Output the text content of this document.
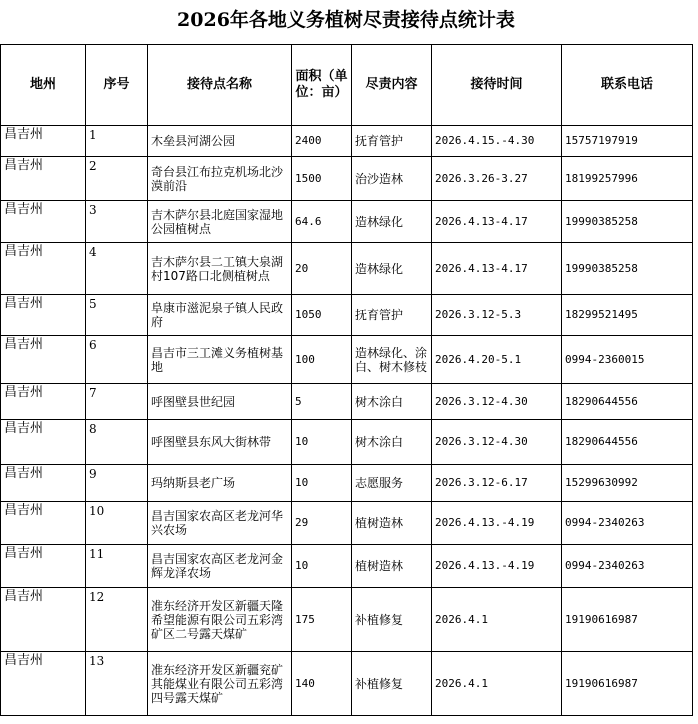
2026年各地义务植树尽责接待点统计表
地州	序号	接待点名称	面积（单位：亩）	尽责内容	接待时间	联系电话
昌吉州	1	木垒县河湖公园	2400	抚育管护	2026.4.15.-4.30	15757197919
昌吉州	2	奇台县江布拉克机场北沙漠前沿	1500	治沙造林	2026.3.26-3.27	18199257996
昌吉州	3	吉木萨尔县北庭国家湿地公园植树点	64.6	造林绿化	2026.4.13-4.17	19990385258
昌吉州	4	吉木萨尔县二工镇大泉湖村107路口北侧植树点	20	造林绿化	2026.4.13-4.17	19990385258
昌吉州	5	阜康市滋泥泉子镇人民政府	1050	抚育管护	2026.3.12-5.3	18299521495
昌吉州	6	昌吉市三工滩义务植树基地	100	造林绿化、涂白、树木修枝	2026.4.20-5.1	0994-2360015
昌吉州	7	呼图壁县世纪园	5	树木涂白	2026.3.12-4.30	18290644556
昌吉州	8	呼图壁县东风大街林带	10	树木涂白	2026.3.12-4.30	18290644556
昌吉州	9	玛纳斯县老广场	10	志愿服务	2026.3.12-6.17	15299630992
昌吉州	10	昌吉国家农高区老龙河华兴农场	29	植树造林	2026.4.13.-4.19	0994-2340263
昌吉州	11	昌吉国家农高区老龙河金辉龙泽农场	10	植树造林	2026.4.13.-4.19	0994-2340263
昌吉州	12	准东经济开发区新疆天隆希望能源有限公司五彩湾矿区二号露天煤矿	175	补植修复	2026.4.1	19190616987
昌吉州	13	准东经济开发区新疆兖矿其能煤业有限公司五彩湾四号露天煤矿	140	补植修复	2026.4.1	19190616987
